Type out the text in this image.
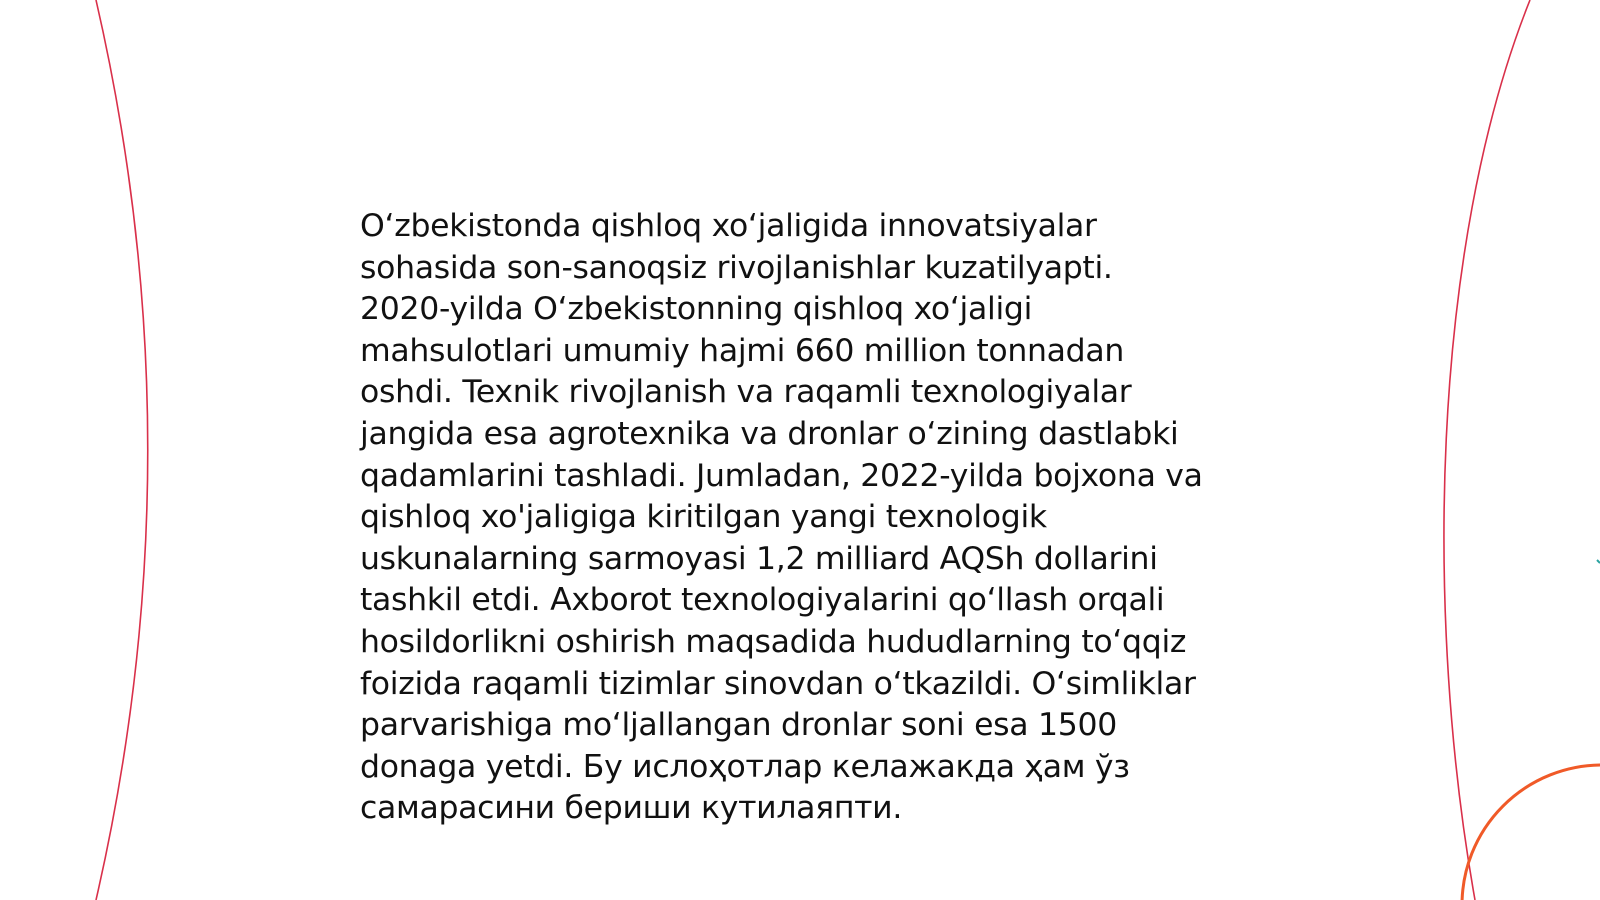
O‘zbekistonda qishloq xo‘jaligida innovatsiyalar
sohasida son-sanoqsiz rivojlanishlar kuzatilyapti.
2020-yilda O‘zbekistonning qishloq xo‘jaligi
mahsulotlari umumiy hajmi 660 million tonnadan
oshdi. Texnik rivojlanish va raqamli texnologiyalar
jangida esa agrotexnika va dronlar o‘zining dastlabki
qadamlarini tashladi. Jumladan, 2022-yilda bojxona va
qishloq xo'jaligiga kiritilgan yangi texnologik
uskunalarning sarmoyasi 1,2 milliard AQSh dollarini
tashkil etdi. Axborot texnologiyalarini qo‘llash orqali
hosildorlikni oshirish maqsadida hududlarning to‘qqiz
foizida raqamli tizimlar sinovdan o‘tkazildi. O‘simliklar
parvarishiga mo‘ljallangan dronlar soni esa 1500
donaga yetdi. Бу ислоҳотлар келажакда ҳам ўз
самарасини бериши кутилаяпти.
